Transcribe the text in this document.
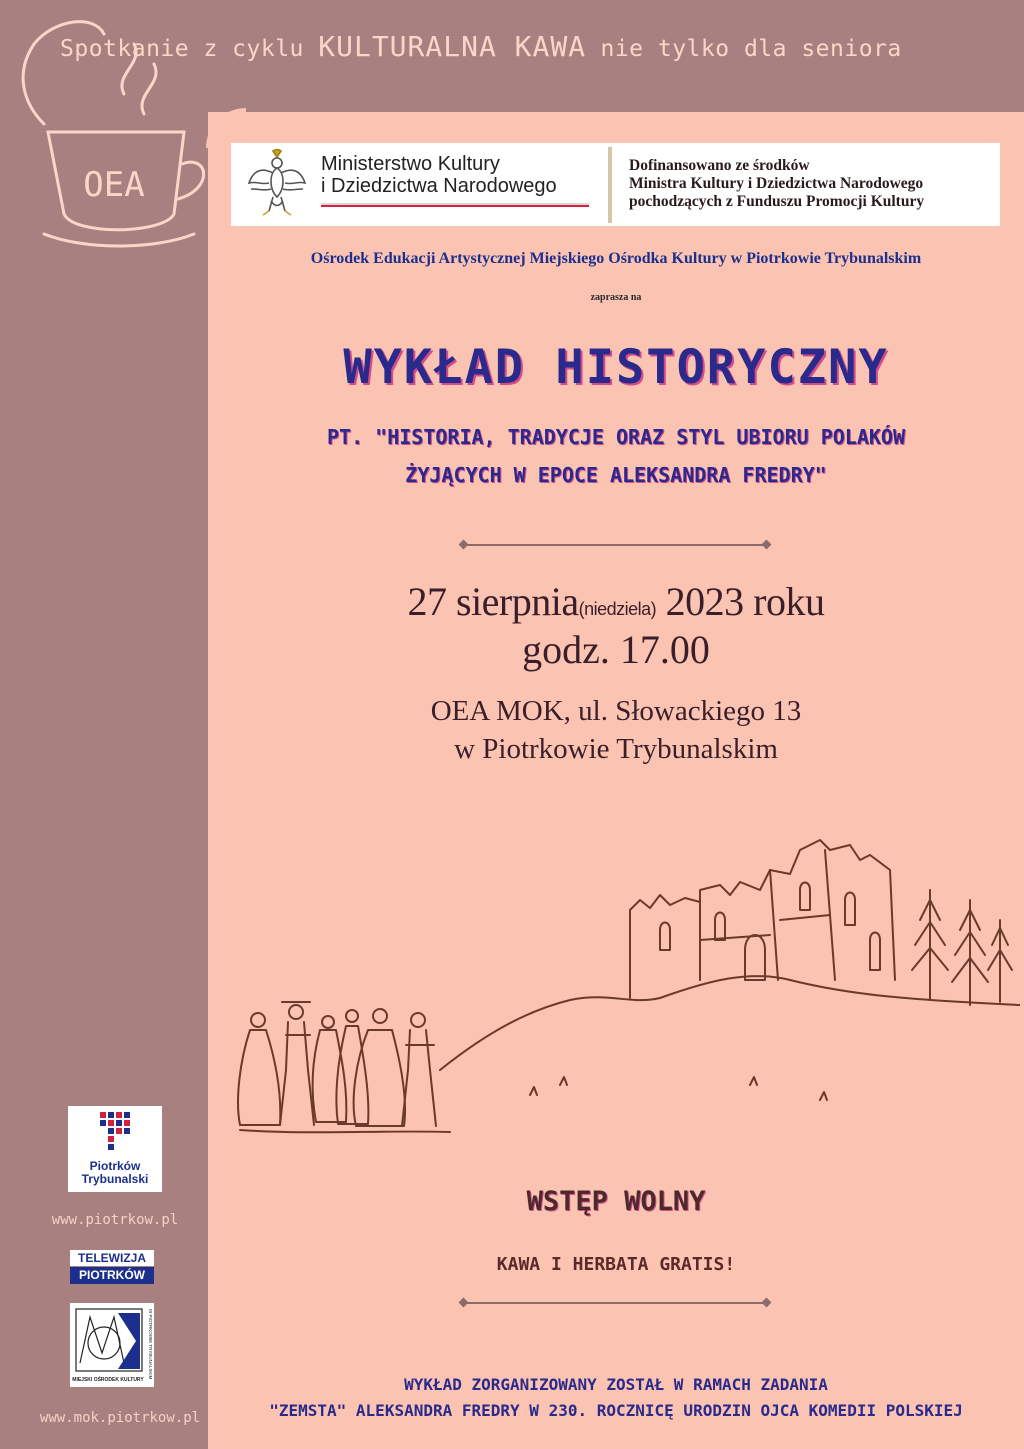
OEA
Spotkanie z cyklu KULTURALNA KAWA nie tylko dla seniora
Ministerstwo Kultury
i Dziedzictwa Narodowego
Dofinansowano ze środków
Ministra Kultury i Dziedzictwa Narodowego
pochodzących z Funduszu Promocji Kultury
Ośrodek Edukacji Artystycznej Miejskiego Ośrodka Kultury w Piotrkowie Trybunalskim
zaprasza na
WYKŁAD HISTORYCZNY
PT. "HISTORIA, TRADYCJE ORAZ STYL UBIORU POLAKÓW
ŻYJĄCYCH W EPOCE ALEKSANDRA FREDRY"
27 sierpnia(niedziela) 2023 roku
godz. 17.00
OEA MOK, ul. Słowackiego 13
w Piotrkowie Trybunalskim
WSTĘP WOLNY
KAWA I HERBATA GRATIS!
WYKŁAD ZORGANIZOWANY ZOSTAŁ W RAMACH ZADANIA
"ZEMSTA" ALEKSANDRA FREDRY W 230. ROCZNICĘ URODZIN OJCA KOMEDII POLSKIEJ
Piotrków
Trybunalski
www.piotrkow.pl
TELEWIZJA
PIOTRKÓW
MIEJSKI OŚRODEK KULTURY
W PIOTRKOWIE TRYBUNALSKIM
www.mok.piotrkow.pl
